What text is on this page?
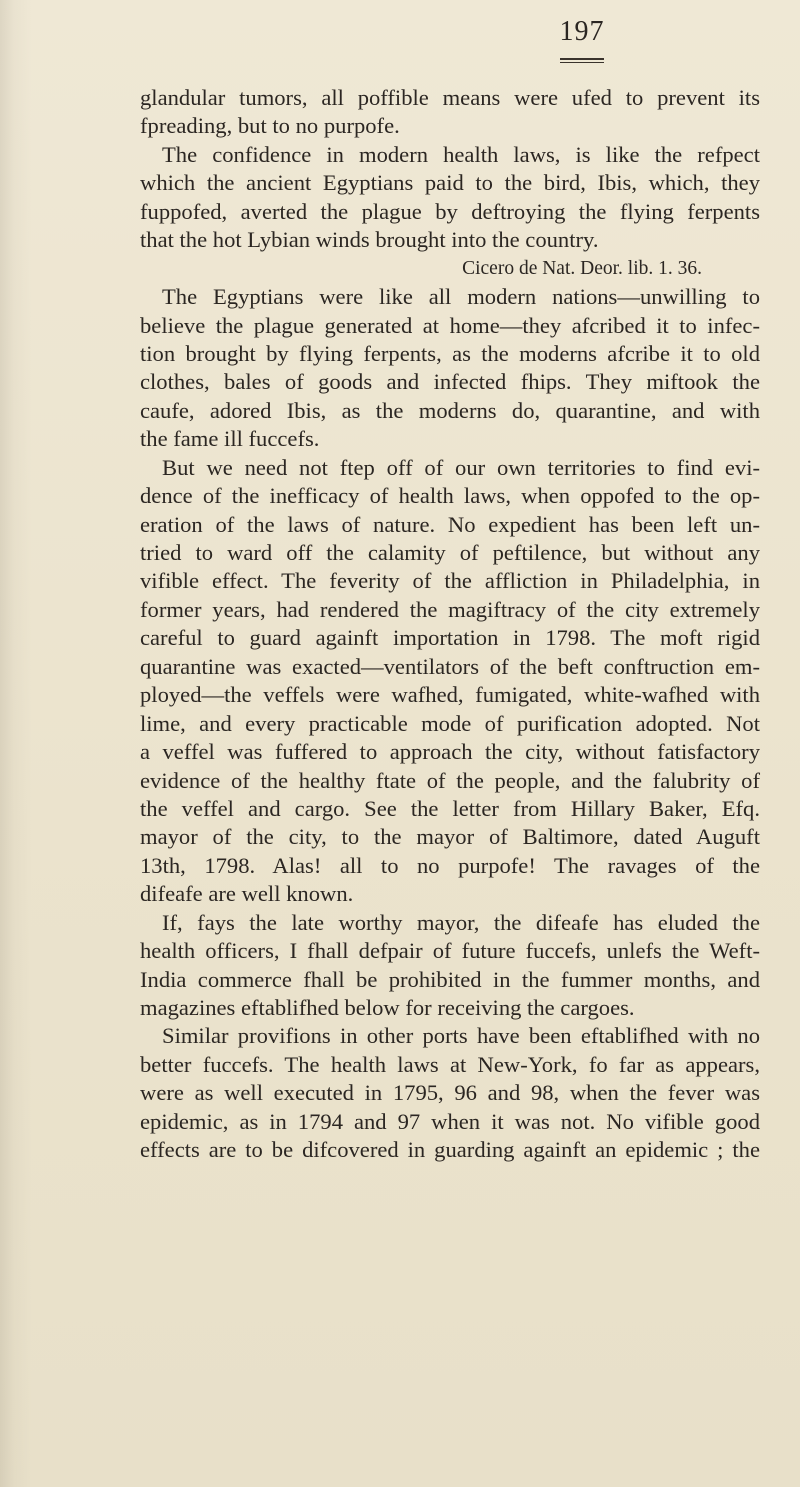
197
glandular tumors, all poffible means were ufed to prevent its
fpreading, but to no purpofe.
The confidence in modern health laws, is like the refpect
which the ancient Egyptians paid to the bird, Ibis, which, they
fuppofed, averted the plague by deftroying the flying ferpents
that the hot Lybian winds brought into the country.
Cicero de Nat. Deor. lib. 1. 36.
The Egyptians were like all modern nations—unwilling to
believe the plague generated at home—they afcribed it to infec-
tion brought by flying ferpents, as the moderns afcribe it to old
clothes, bales of goods and infected fhips. They miftook the
caufe, adored Ibis, as the moderns do, quarantine, and with
the fame ill fuccefs.
But we need not ftep off of our own territories to find evi-
dence of the inefficacy of health laws, when oppofed to the op-
eration of the laws of nature. No expedient has been left un-
tried to ward off the calamity of peftilence, but without any
vifible effect. The feverity of the affliction in Philadelphia, in
former years, had rendered the magiftracy of the city extremely
careful to guard againft importation in 1798. The moft rigid
quarantine was exacted—ventilators of the beft conftruction em-
ployed—the veffels were wafhed, fumigated, white-wafhed with
lime, and every practicable mode of purification adopted. Not
a veffel was fuffered to approach the city, without fatisfactory
evidence of the healthy ftate of the people, and the falubrity of
the veffel and cargo. See the letter from Hillary Baker, Efq.
mayor of the city, to the mayor of Baltimore, dated Auguft
13th, 1798. Alas! all to no purpofe! The ravages of the
difeafe are well known.
If, fays the late worthy mayor, the difeafe has eluded the
health officers, I fhall defpair of future fuccefs, unlefs the Weft-
India commerce fhall be prohibited in the fummer months, and
magazines eftablifhed below for receiving the cargoes.
Similar provifions in other ports have been eftablifhed with no
better fuccefs. The health laws at New-York, fo far as appears,
were as well executed in 1795, 96 and 98, when the fever was
epidemic, as in 1794 and 97 when it was not. No vifible good
effects are to be difcovered in guarding againft an epidemic ; the
